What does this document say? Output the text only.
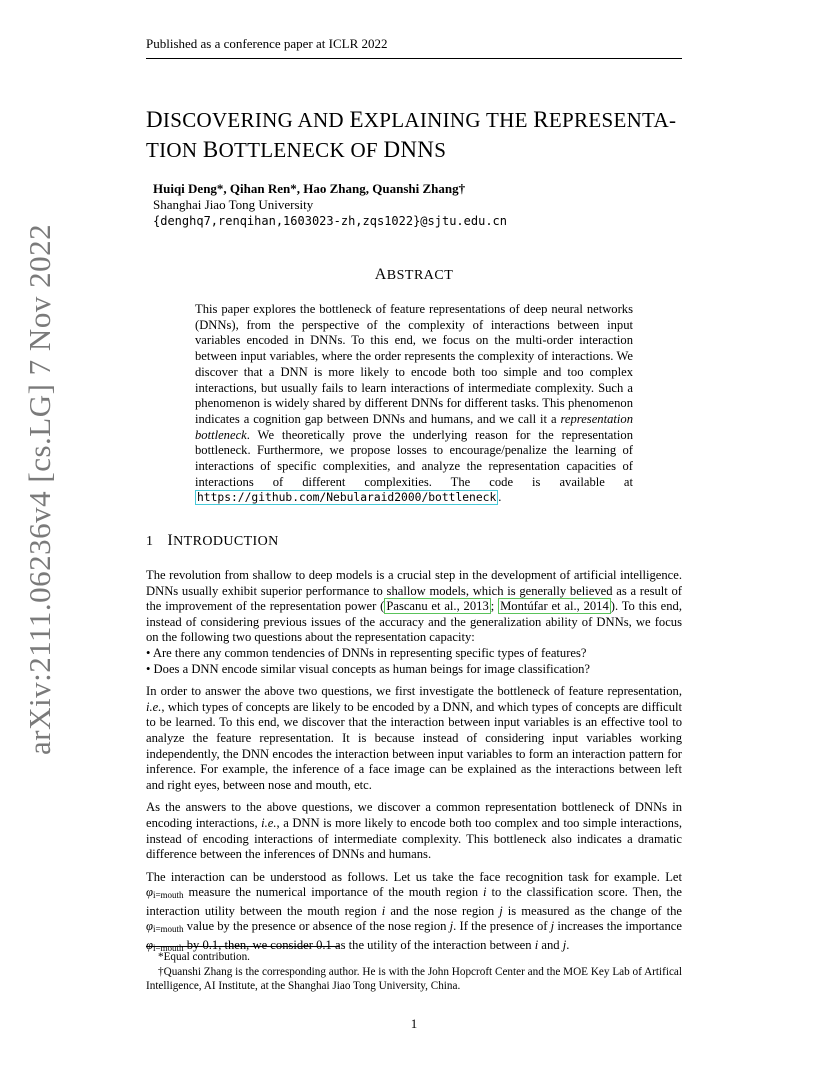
Published as a conference paper at ICLR 2022
arXiv:2111.06236v4 [cs.LG] 7 Nov 2022
DISCOVERING AND EXPLAINING THE REPRESENTA-
TION BOTTLENECK OF DNNS
Huiqi Deng*, Qihan Ren*, Hao Zhang, Quanshi Zhang†
Shanghai Jiao Tong University
{denghq7,renqihan,1603023-zh,zqs1022}@sjtu.edu.cn
ABSTRACT
This paper explores the bottleneck of feature representations of deep neural networks (DNNs), from the perspective of the complexity of interactions between input variables encoded in DNNs. To this end, we focus on the multi-order interaction between input variables, where the order represents the complexity of interactions. We discover that a DNN is more likely to encode both too simple and too complex interactions, but usually fails to learn interactions of intermediate complexity. Such a phenomenon is widely shared by different DNNs for different tasks. This phenomenon indicates a cognition gap between DNNs and humans, and we call it a representation bottleneck. We theoretically prove the underlying reason for the representation bottleneck. Furthermore, we propose losses to encourage/penalize the learning of interactions of specific complexities, and analyze the representation capacities of interactions of different complexities. The code is available at https://github.com/Nebularaid2000/bottleneck .
1 INTRODUCTION

The revolution from shallow to deep models is a crucial step in the development of artificial intelligence. DNNs usually exhibit superior performance to shallow models, which is generally believed as a result of the improvement of the representation power ( Pascanu et al., 2013 ; Montúfar et al., 2014 ). To this end, instead of considering previous issues of the accuracy and the generalization ability of DNNs, we focus on the following two questions about the representation capacity:
• Are there any common tendencies of DNNs in representing specific types of features?
• Does a DNN encode similar visual concepts as human beings for image classification?

In order to answer the above two questions, we first investigate the bottleneck of feature representation, i.e., which types of concepts are likely to be encoded by a DNN, and which types of concepts are difficult to be learned. To this end, we discover that the interaction between input variables is an effective tool to analyze the feature representation. It is because instead of considering input variables working independently, the DNN encodes the interaction between input variables to form an interaction pattern for inference. For example, the inference of a face image can be explained as the interactions between left and right eyes, between nose and mouth, etc.

As the answers to the above questions, we discover a common representation bottleneck of DNNs in encoding interactions, i.e., a DNN is more likely to encode both too complex and too simple interactions, instead of encoding interactions of intermediate complexity. This bottleneck also indicates a dramatic difference between the inferences of DNNs and humans.

The interaction can be understood as follows. Let us take the face recognition task for example. Let $\varphi_{i=mouth}$ measure the numerical importance of the mouth region i to the classification score. Then, the interaction utility between the mouth region i and the nose region j is measured as the change of the $\varphi_{i=mouth}$ value by the presence or absence of the nose region j. If the presence of j increases the importance $\varphi_{i=mouth}$ by 0.1, then, we consider 0.1 as the utility of the interaction between i and j.

*Equal contribution.

†Quanshi Zhang is the corresponding author. He is with the John Hopcroft Center and the MOE Key Lab of Artifical Intelligence, AI Institute, at the Shanghai Jiao Tong University, China.

1
